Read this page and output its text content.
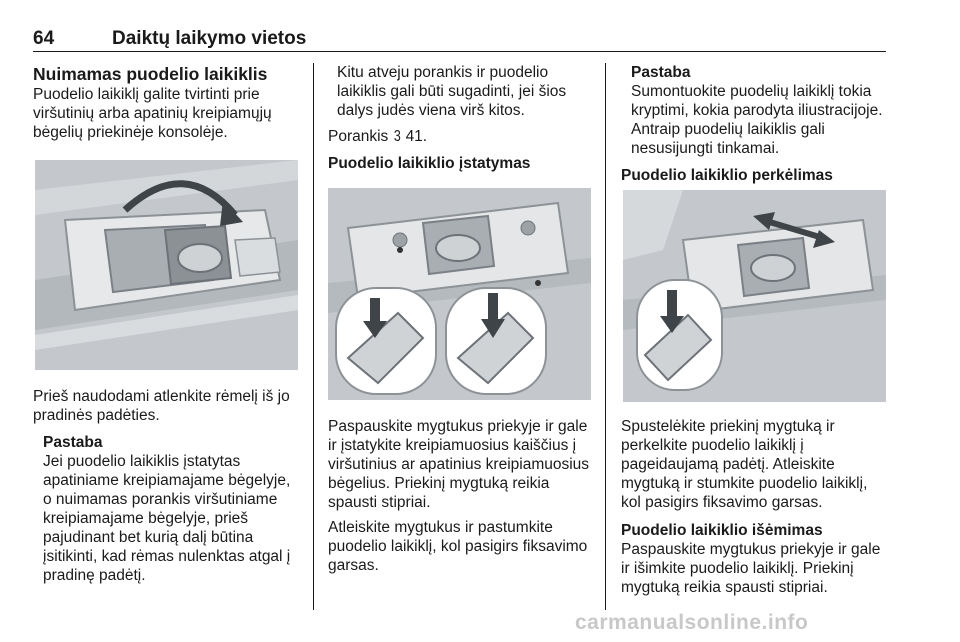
64	Daiktų laikymo vietos

Nuimamas puodelio laikiklis

Puodelio laikiklį galite tvirtinti prie viršutinių arba apatinių kreipiamųjų bėgelių priekinėje konsolėje.

Prieš naudodami atlenkite rėmelį iš jo pradinės padėties.

Pastaba

Jei puodelio laikiklis įstatytas apatiniame kreipiamajame bėgelyje, o nuimamas porankis viršutiniame kreipiamajame bėgelyje, prieš pajudinant bet kurią dalį būtina įsitikinti, kad rėmas nulenktas atgal į pradinę padėtį.

Kitu atveju porankis ir puodelio laikiklis gali būti sugadinti, jei šios dalys judės viena virš kitos.

Porankis 3 41.

Puodelio laikiklio įstatymas

Paspauskite mygtukus priekyje ir gale ir įstatykite kreipiamuosius kaiščius į viršutinius ar apatinius kreipiamuosius bėgelius. Priekinį mygtuką reikia spausti stipriai.

Atleiskite mygtukus ir pastumkite puodelio laikiklį, kol pasigirs fiksavimo garsas.

Pastaba

Sumontuokite puodelių laikiklį tokia kryptimi, kokia parodyta iliustracijoje. Antraip puodelių laikiklis gali nesusijungti tinkamai.

Puodelio laikiklio perkėlimas

Spustelėkite priekinį mygtuką ir perkelkite puodelio laikiklį į pageidaujamą padėtį. Atleiskite mygtuką ir stumkite puodelio laikiklį, kol pasigirs fiksavimo garsas.

Puodelio laikiklio išėmimas

Paspauskite mygtukus priekyje ir gale ir išimkite puodelio laikiklį. Priekinį mygtuką reikia spausti stipriai.

carmanualsonline.info
